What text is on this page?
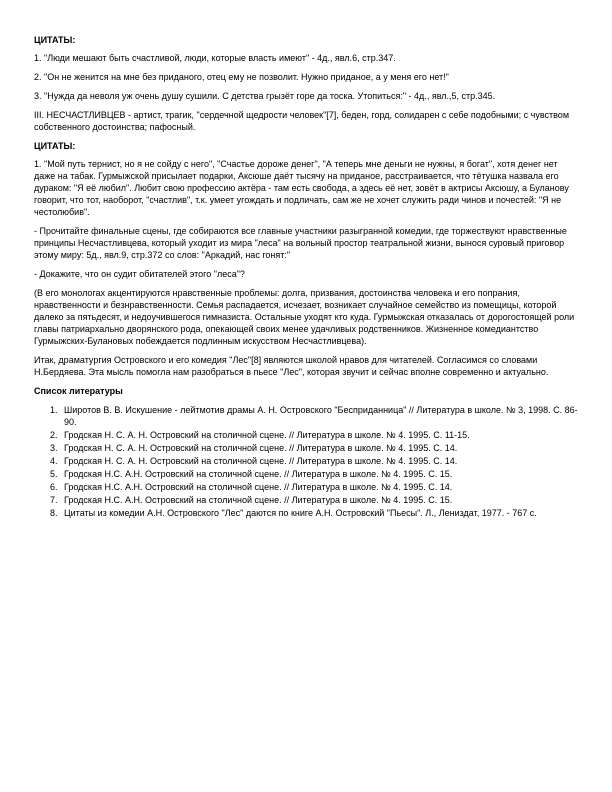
ЦИТАТЫ:

1. "Люди мешают быть счастливой, люди, которые власть имеют" - 4д., явл.6, стр.347.

2. "Он не женится на мне без приданого, отец ему не позволит. Нужно приданое, а у меня его нет!"

3. "Нужда да неволя уж очень душу сушили. С детства грызёт горе да тоска. Утопиться:" - 4д., явл.,5, стр.345.

III. НЕСЧАСТЛИВЦЕВ - артист, трагик, "сердечной щедрости человек"[7], беден, горд, солидарен с себе подобными; с чувством собственного достоинства; пафосный.

ЦИТАТЫ:

1. "Мой путь тернист, но я не сойду с него", "Счастье дороже денег", "А теперь мне деньги не нужны, я богат", хотя денег нет даже на табак. Гурмыжской присылает подарки, Аксюше даёт тысячу на приданое, расстраивается, что тётушка назвала его дураком: "Я её любил". Любит свою профессию актёра - там есть свобода, а здесь её нет, зовёт в актрисы Аксюшу, а Буланову говорит, что тот, наоборот, "счастлив", т.к. умеет угождать и подличать, сам же не хочет служить ради чинов и почестей: "Я не честолюбив".

- Прочитайте финальные сцены, где собираются все главные участники разыгранной комедии, где торжествуют нравственные принципы Несчастливцева, который уходит из мира "леса" на вольный простор театральной жизни, вынося суровый приговор этому миру: 5д., явл.9, стр.372 со слов: "Аркадий, нас гонят:"

- Докажите, что он судит обитателей этого "леса"?

(В его монологах акцентируются нравственные проблемы: долга, призвания, достоинства человека и его попрания, нравственности и безнравственности. Семья распадается, исчезает, возникает случайное семейство из помещицы, которой далеко за пятьдесят, и недоучившегося гимназиста. Остальные уходят кто куда. Гурмыжская отказалась от дорогостоящей роли главы патриархально дворянского рода, опекающей своих менее удачливых родственников. Жизненное комедиантство Гурмыжских-Булановых побеждается подлинным искусством Несчастливцева).

Итак, драматургия Островского и его комедия "Лес"[8] являются школой нравов для читателей. Согласимся со словами Н.Бердяева. Эта мысль помогла нам разобраться в пьесе "Лес", которая звучит и сейчас вполне современно и актуально.

Список литературы
1. Широтов В. В. Искушение - лейтмотив драмы А. Н. Островского "Бесприданница" // Литература в школе. № 3, 1998. С. 86-90.
2. Гродская Н. С. А. Н. Островский на столичной сцене. // Литература в школе. № 4. 1995. С. 11-15.
3. Гродская Н. С. А. Н. Островский на столичной сцене. // Литература в школе. № 4. 1995. С. 14.
4. Гродская Н. С. А. Н. Островский на столичной сцене. // Литература в школе. № 4. 1995. С. 14.
5. Гродская Н.С. А.Н. Островский на столичной сцене. // Литература в школе. № 4. 1995. С. 15.
6. Гродская Н.С. А.Н. Островский на столичной сцене. // Литература в школе. № 4. 1995. С. 14.
7. Гродская Н.С. А.Н. Островский на столичной сцене. // Литература в школе. № 4. 1995. С. 15.
8. Цитаты из комедии А.Н. Островского "Лес" даются по книге А.Н. Островский "Пьесы". Л., Лениздат, 1977. - 767 с.
